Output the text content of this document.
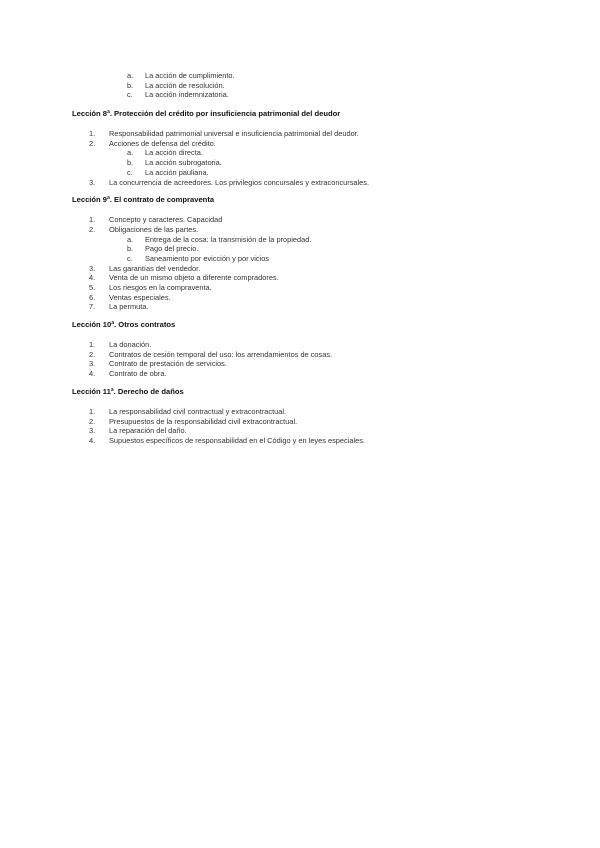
a. La acción de cumplimiento.
b. La acción de resolución.
c. La acción indemnizatoria.
Lección 8ª. Protección del crédito por insuficiencia patrimonial del deudor
1. Responsabilidad patrimonial universal e insuficiencia patrimonial del deudor.
2. Acciones de defensa del crédito.
a. La acción directa.
b. La acción subrogatoria.
c. La acción pauliana.
3. La concurrencia de acreedores. Los privilegios concursales y extraconcursales.
Lección 9ª. El contrato de compraventa
1. Concepto y caracteres. Capacidad
2. Obligaciones de las partes.
a. Entrega de la cosa: la transmisión de la propiedad.
b. Pago del precio.
c. Saneamiento por evicción y por vicios
3. Las garantías del vendedor.
4. Venta de un mismo objeto a diferente compradores.
5. Los riesgos en la compraventa.
6. Ventas especiales.
7. La permuta.
Lección 10ª. Otros contratos
1. La donación.
2. Contratos de cesión temporal del uso: los arrendamientos de cosas.
3. Contrato de prestación de servicios.
4. Contrato de obra.
Lección 11ª. Derecho de daños
1. La responsabilidad civil contractual y extracontractual.
2. Presupuestos de la responsabilidad civil extracontractual.
3. La reparación del daño.
4. Supuestos específicos de responsabilidad en el Código y en leyes especiales.
